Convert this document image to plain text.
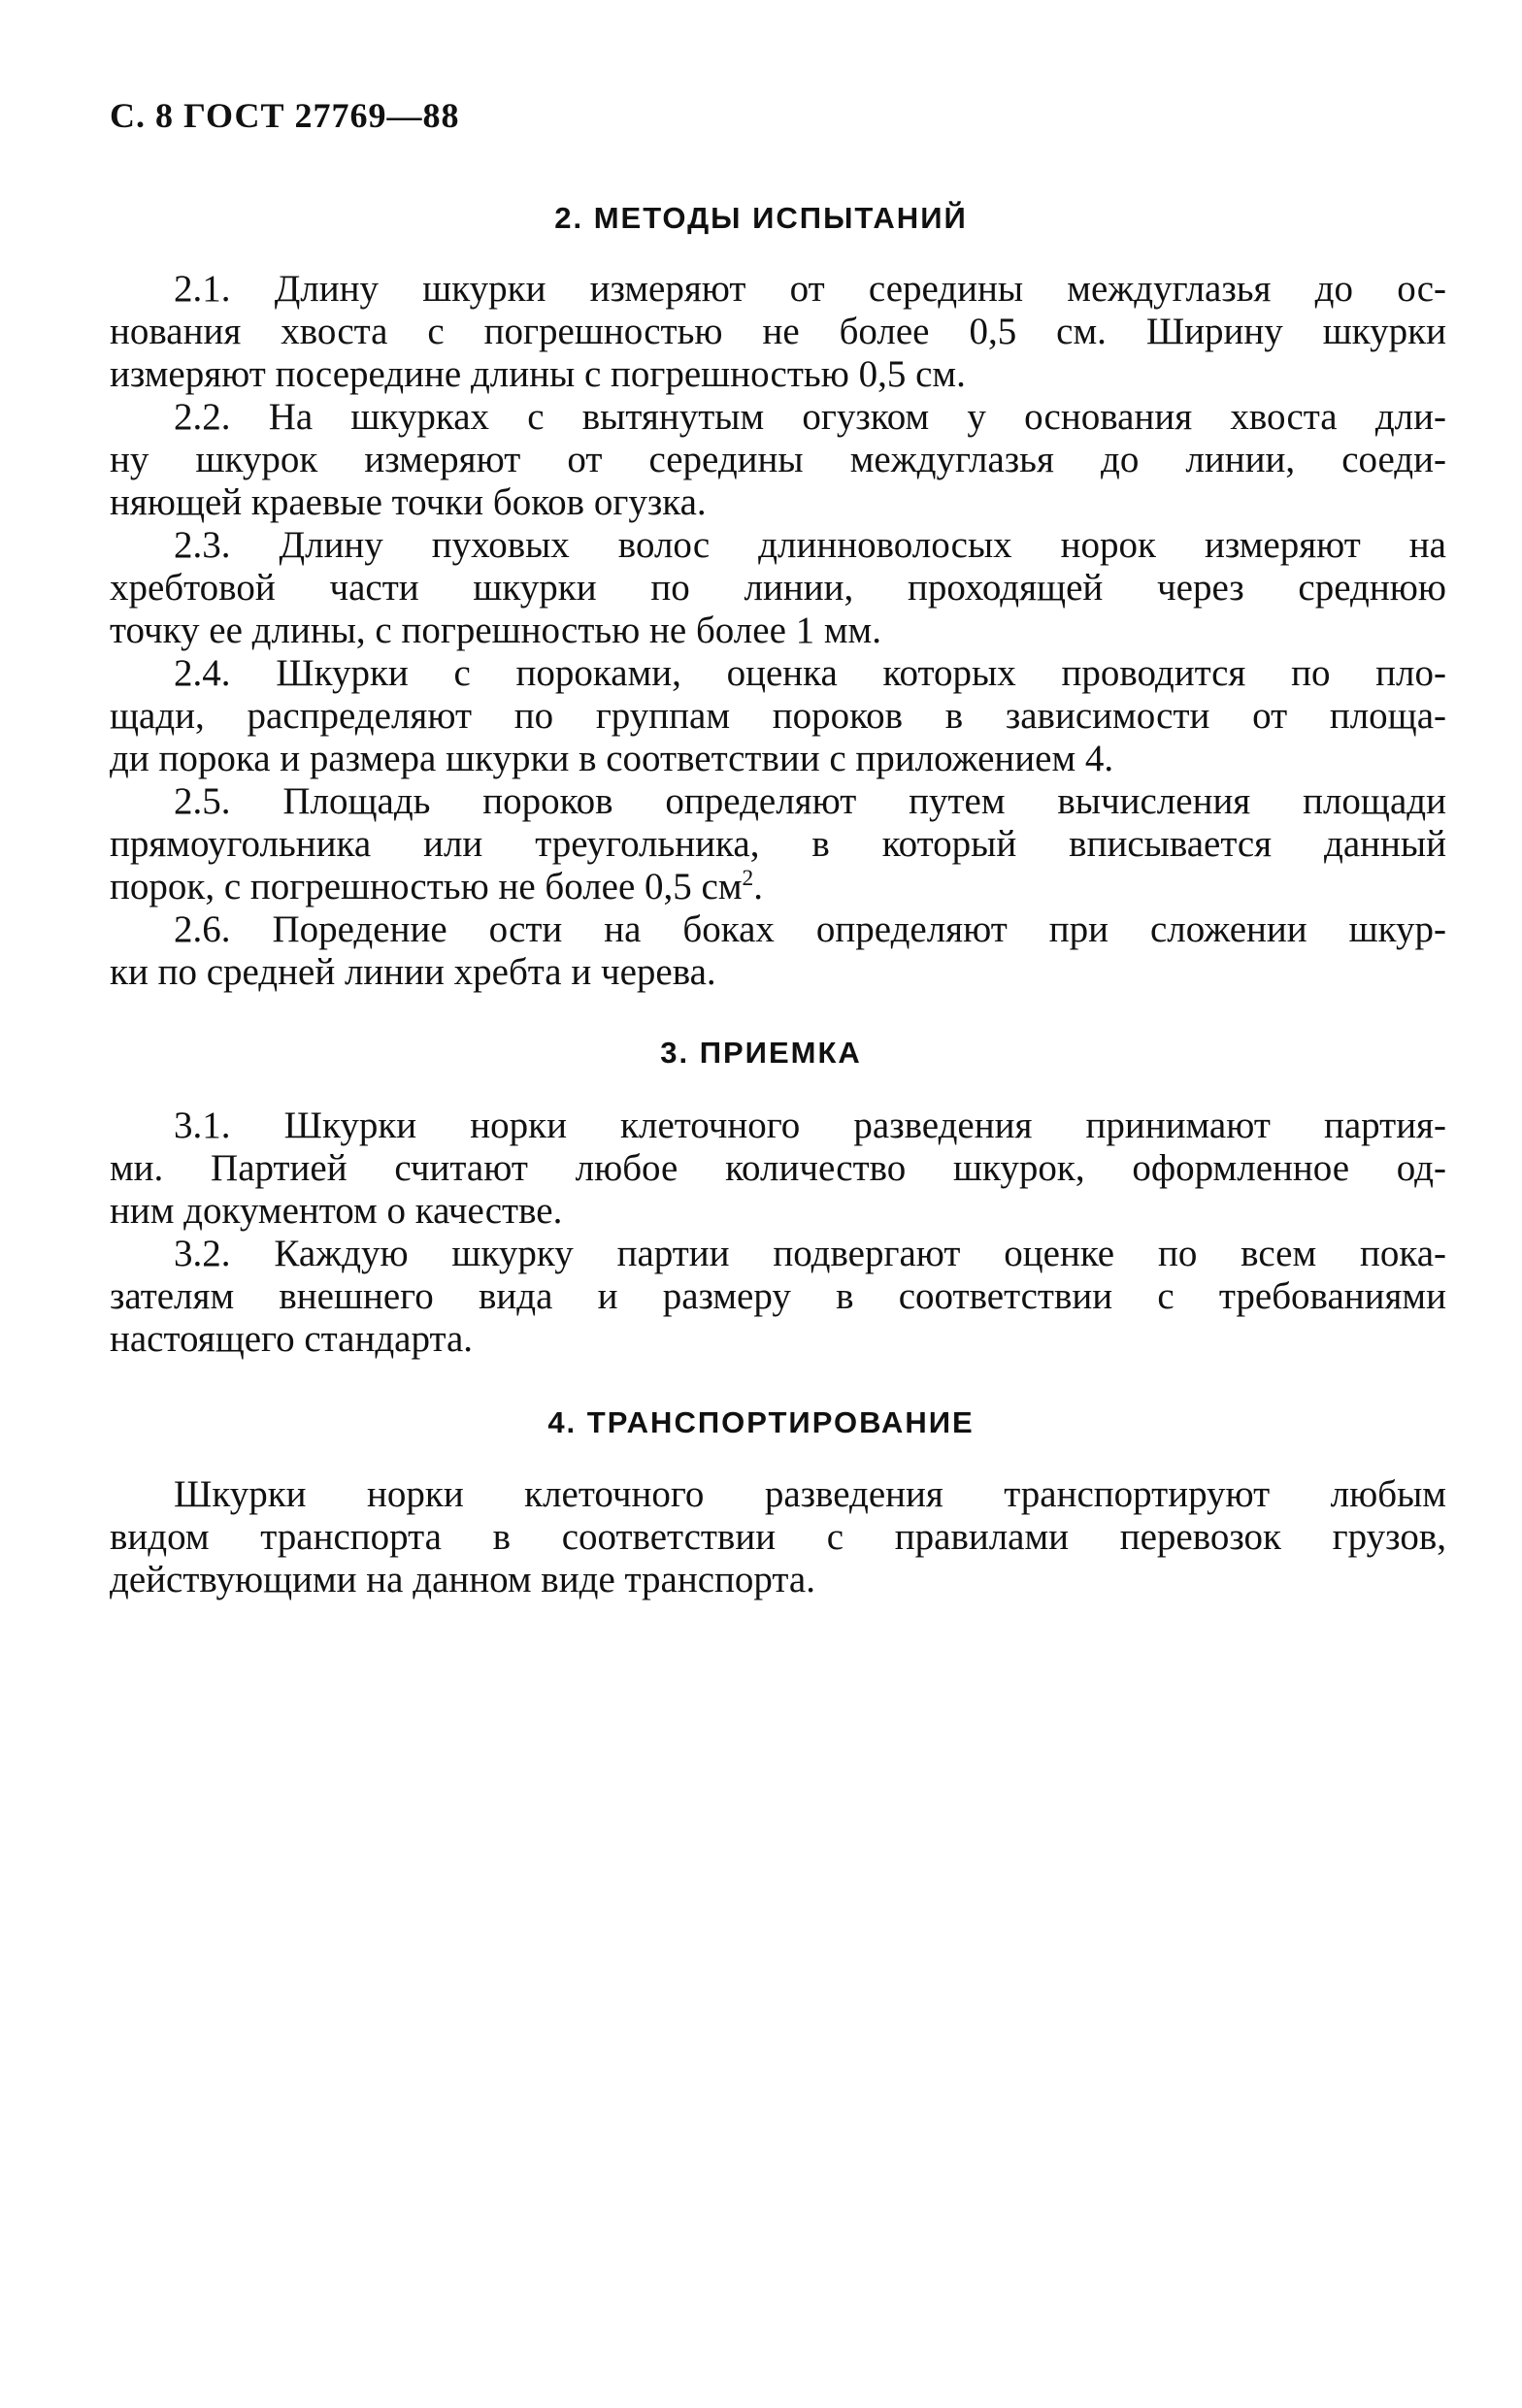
С. 8 ГОСТ 27769—88
2. МЕТОДЫ ИСПЫТАНИЙ
2.1. Длину шкурки измеряют от середины междуглазья до ос-
нования хвоста с погрешностью не более 0,5 см. Ширину шкурки
измеряют посередине длины с погрешностью 0,5 см.
2.2. На шкурках с вытянутым огузком у основания хвоста дли-
ну шкурок измеряют от середины междуглазья до линии, соеди-
няющей краевые точки боков огузка.
2.3. Длину пуховых волос длинноволосых норок измеряют на
хребтовой части шкурки по линии, проходящей через среднюю
точку ее длины, с погрешностью не более 1 мм.
2.4. Шкурки с пороками, оценка которых проводится по пло-
щади, распределяют по группам пороков в зависимости от площа-
ди порока и размера шкурки в соответствии с приложением 4.
2.5. Площадь пороков определяют путем вычисления площади
прямоугольника или треугольника, в который вписывается данный
порок, с погрешностью не более 0,5 $см^2$.
2.6. Поредение ости на боках определяют при сложении шкур-
ки по средней линии хребта и черева.
3. ПРИЕМКА
3.1. Шкурки норки клеточного разведения принимают партия-
ми. Партией считают любое количество шкурок, оформленное од-
ним документом о качестве.
3.2. Каждую шкурку партии подвергают оценке по всем пока-
зателям внешнего вида и размеру в соответствии с требованиями
настоящего стандарта.
4. ТРАНСПОРТИРОВАНИЕ
Шкурки норки клеточного разведения транспортируют любым
видом транспорта в соответствии с правилами перевозок грузов,
действующими на данном виде транспорта.
